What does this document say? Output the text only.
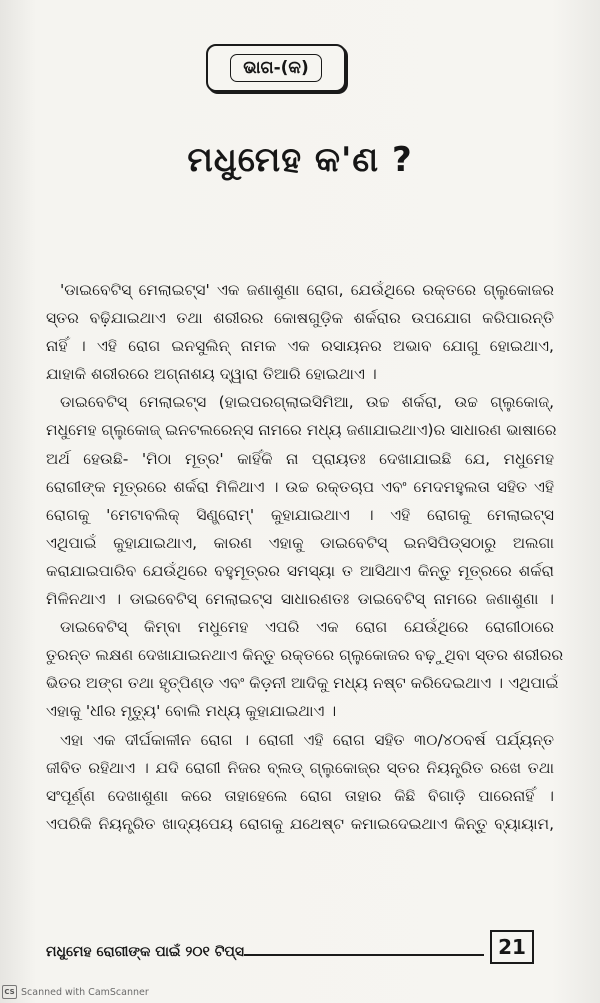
ଭାଗ-(କ)
ମଧୁମେହ କ'ଣ ?
'ଡାଇବେଟିସ୍ ମେଲାଇଟ୍ସ' ଏକ ଜଣାଶୁଣା ରୋଗ, ଯେଉଁଥିରେ ରକ୍ତରେ ଗ୍ଲୁକୋଜର
ସ୍ତର ବଢ଼ିଯାଇଥାଏ ତଥା ଶରୀରର କୋଷଗୁଡ଼ିକ ଶର୍କରାର ଉପଯୋଗ କରିପାରନ୍ତି
ନାହିଁ । ଏହି ରୋଗ ଇନସୁଲିନ୍ ନାମକ ଏକ ରସାୟନର ଅଭାବ ଯୋଗୁ ହୋଇଥାଏ,
ଯାହାକି ଶରୀରରେ ଅଗ୍ନାଶୟ ଦ୍ୱାରା ତିଆରି ହୋଇଥାଏ ।
ଡାଇବେଟିସ୍ ମେଲାଇଟ୍ସ (ହାଇପରଗ୍ଲାଇସିମିଆ, ଉଚ୍ଚ ଶର୍କରା, ଉଚ୍ଚ ଗ୍ଲୁକୋଜ୍,
ମଧୁମେହ ଗ୍ଲୁକୋଜ୍ ଇନଟଲରେନ୍ସ ନାମରେ ମଧ୍ୟ ଜଣାଯାଇଥାଏ)ର ସାଧାରଣ ଭାଷାରେ
ଅର୍ଥ ହେଉଛି- 'ମିଠା ମୂତ୍ର' କାହିଁକି ନା ପ୍ରାୟତଃ ଦେଖାଯାଇଛି ଯେ, ମଧୁମେହ
ରୋଗୀଙ୍କ ମୂତ୍ରରେ ଶର୍କରା ମିଳିଥାଏ । ଉଚ୍ଚ ରକ୍ତଚାପ ଏବଂ ମେଦମହୁଲତା ସହିତ ଏହି
ରୋଗକୁ 'ମେଟାବଲିକ୍ ସିଣ୍ଡ୍ରୋମ୍' କୁହାଯାଇଥାଏ । ଏହି ରୋଗକୁ ମେଲାଇଟ୍ସ
ଏଥିପାଇଁ କୁହାଯାଇଥାଏ, କାରଣ ଏହାକୁ ଡାଇବେଟିସ୍ ଇନସିପିଡ୍ସଠାରୁ ଅଲଗା
କରାଯାଇପାରିବ ଯେଉଁଥିରେ ବହୁମୂତ୍ରର ସମସ୍ୟା ତ ଆସିଥାଏ କିନ୍ତୁ ମୂତ୍ରରେ ଶର୍କରା
ମିଳିନଥାଏ । ଡାଇବେଟିସ୍ ମେଲାଇଟ୍ସ ସାଧାରଣତଃ ଡାଇବେଟିସ୍ ନାମରେ ଜଣାଶୁଣା ।
ଡାଇବେଟିସ୍ କିମ୍ବା ମଧୁମେହ ଏପରି ଏକ ରୋଗ ଯେଉଁଥିରେ ରୋଗୀଠାରେ
ତୁରନ୍ତ ଲକ୍ଷଣ ଦେଖାଯାଇନଥାଏ କିନ୍ତୁ ରକ୍ତରେ ଗ୍ଲୁକୋଜର ବଢ଼ୁଥିବା ସ୍ତର ଶରୀରର
ଭିତର ଅଙ୍ଗ ତଥା ହୃତ୍ପିଣ୍ଡ ଏବଂ କିଡ଼ନୀ ଆଦିକୁ ମଧ୍ୟ ନଷ୍ଟ କରିଦେଇଥାଏ । ଏଥିପାଇଁ
ଏହାକୁ 'ଧୀର ମୃତ୍ୟୁ' ବୋଲି ମଧ୍ୟ କୁହାଯାଇଥାଏ ।
ଏହା ଏକ ଦୀର୍ଘକାଳୀନ ରୋଗ । ରୋଗୀ ଏହି ରୋଗ ସହିତ ୩୦/୪୦ବର୍ଷ ପର୍ଯ୍ୟନ୍ତ
ଜୀବିତ ରହିଥାଏ । ଯଦି ରୋଗୀ ନିଜର ବ୍ଲଡ୍ ଗ୍ଲୁକୋଜ୍ର ସ୍ତର ନିୟନ୍ତ୍ରିତ ରଖେ ତଥା
ସଂପୂର୍ଣ୍ଣ ଦେଖାଶୁଣା କରେ ତାହାହେଲେ ରୋଗ ତାହାର କିଛି ବିଗାଡ଼ି ପାରେନାହିଁ ।
ଏପରିକି ନିୟନ୍ତ୍ରିତ ଖାଦ୍ୟପେୟ ରୋଗକୁ ଯଥେଷ୍ଟ କମାଇଦେଇଥାଏ କିନ୍ତୁ ବ୍ୟାୟାମ,
ମଧୁମେହ ରୋଗୀଙ୍କ ପାଇଁ ୨୦୧ ଟିପ୍ସ	21
CS Scanned with CamScanner
